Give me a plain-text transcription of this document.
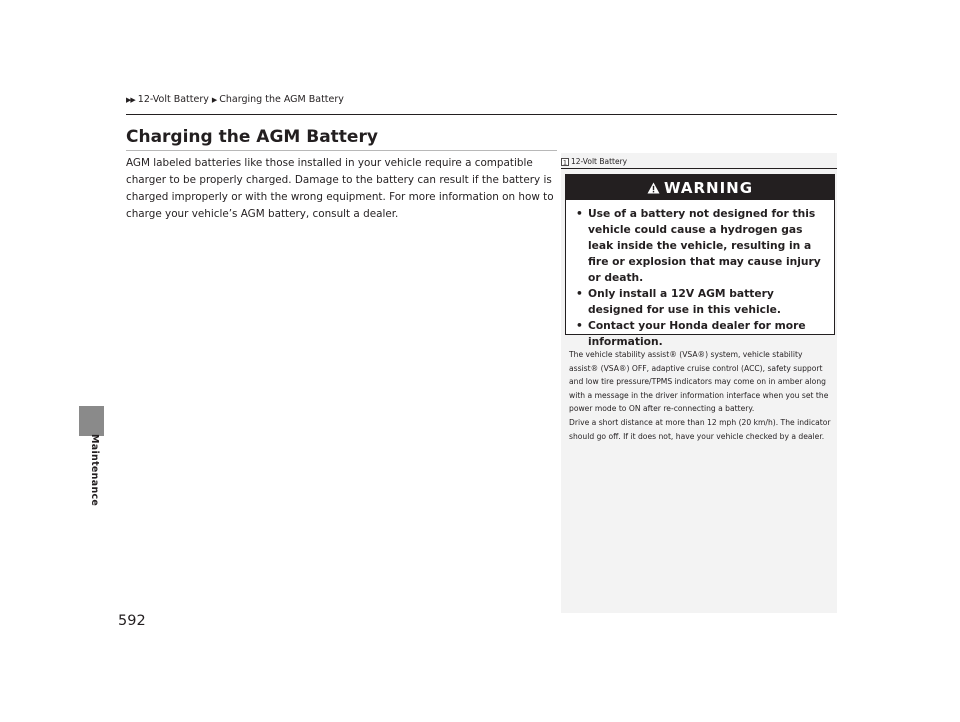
▶▶ 12-Volt Battery ▶ Charging the AGM Battery
Maintenance
592
Charging the AGM Battery

AGM labeled batteries like those installed in your vehicle require a compatible charger to be properly charged. Damage to the battery can result if the battery is charged improperly or with the wrong equipment. For more information on how to charge your vehicle’s AGM battery, consult a dealer.

1 12-Volt Battery
WARNING
• Use of a battery not designed for this vehicle could cause a hydrogen gas leak inside the vehicle, resulting in a fire or explosion that may cause injury or death.
• Only install a 12V AGM battery designed for use in this vehicle.
• Contact your Honda dealer for more information.

The vehicle stability assist® (VSA®) system, vehicle stability assist® (VSA®) OFF, adaptive cruise control (ACC), safety support and low tire pressure/TPMS indicators may come on in amber along with a message in the driver information interface when you set the power mode to ON after re-connecting a battery.
Drive a short distance at more than 12 mph (20 km/h). The indicator should go off. If it does not, have your vehicle checked by a dealer.
